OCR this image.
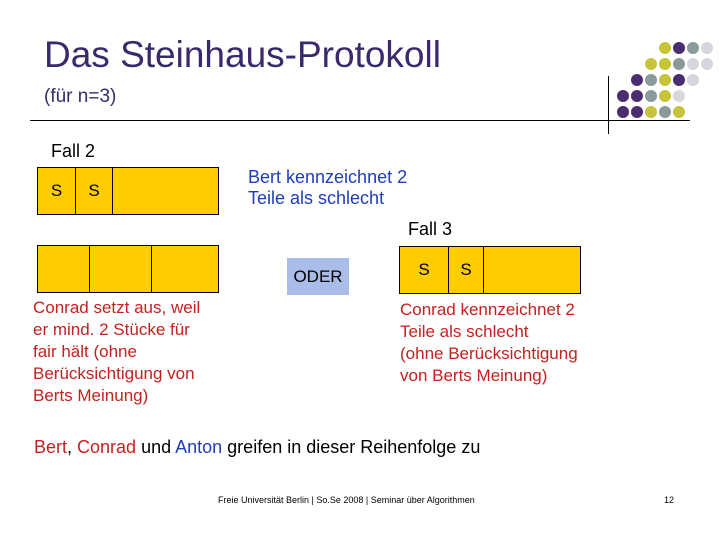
Das Steinhaus-Protokoll
(für n=3)
Fall 2
S	S
Bert kennzeichnet 2
Teile als schlecht
Fall 3
ODER	S	S
Conrad setzt aus, weil
er mind. 2 Stücke für
fair hält (ohne
Berücksichtigung von
Berts Meinung)
Conrad kennzeichnet 2
Teile als schlecht
(ohne Berücksichtigung
von Berts Meinung)
Bert, Conrad und Anton greifen in dieser Reihenfolge zu
Freie Universität Berlin | So.Se 2008 | Seminar über Algorithmen	12
